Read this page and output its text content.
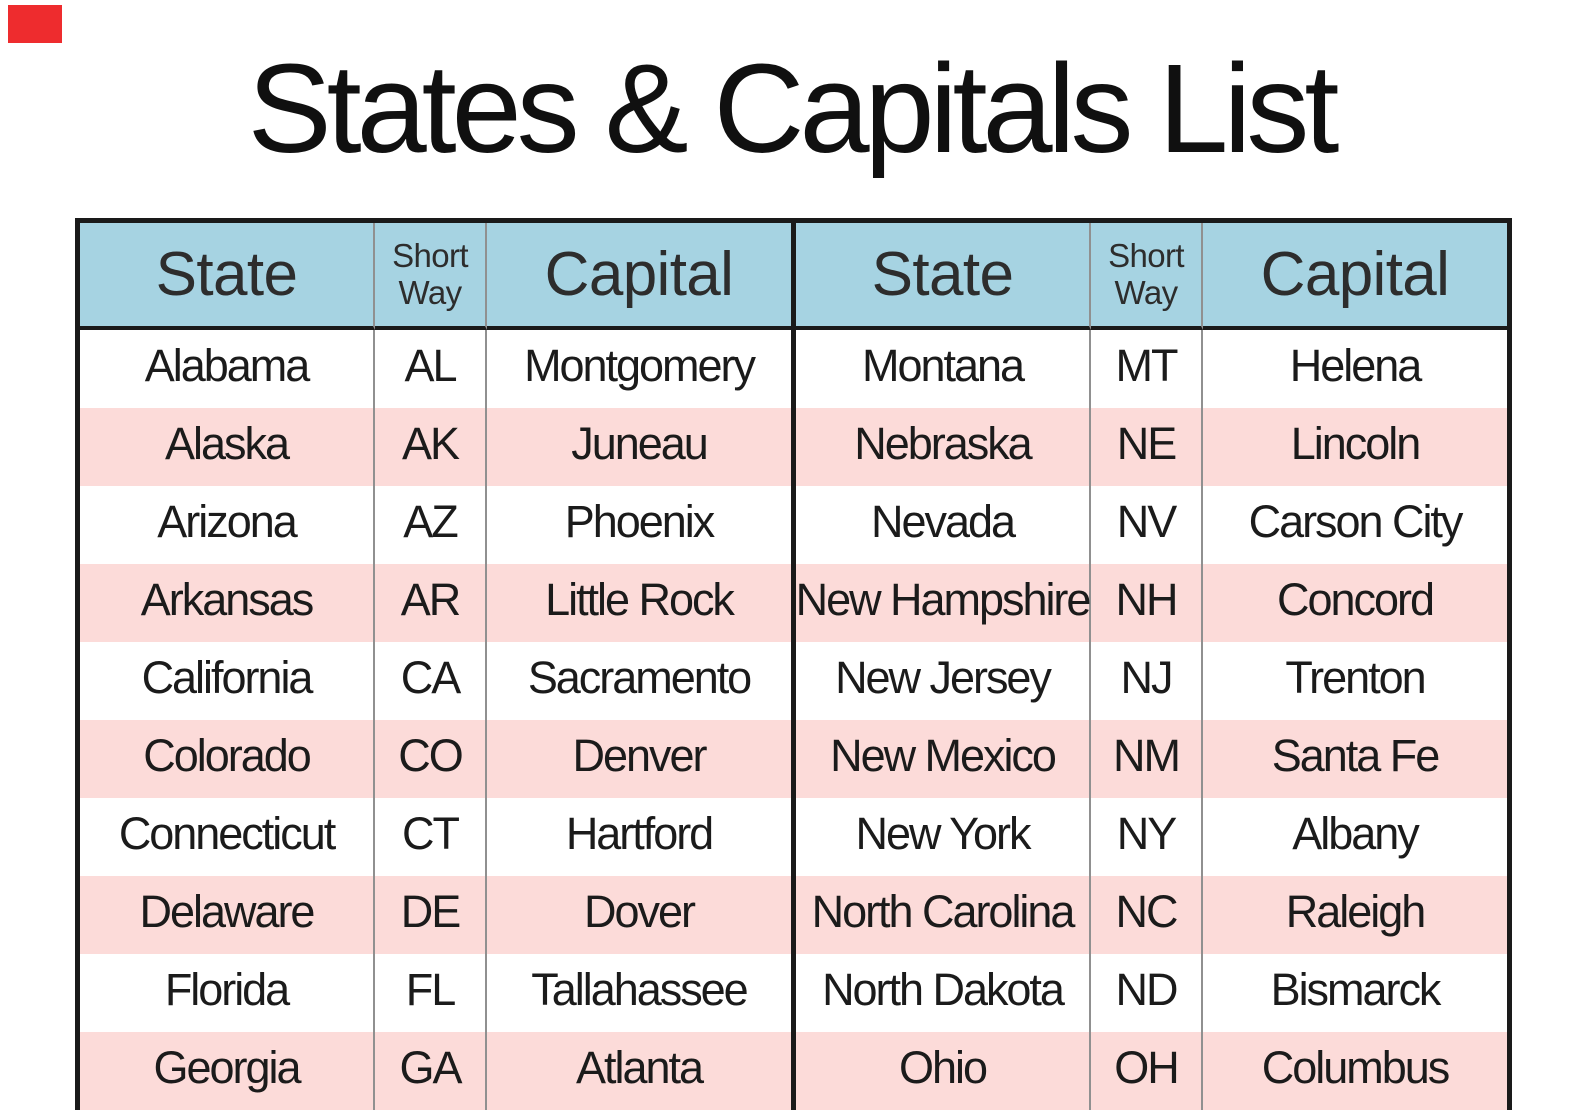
States & Capitals List
State	Short
Way	Capital
Alabama	AL	Montgomery
Alaska	AK	Juneau
Arizona	AZ	Phoenix
Arkansas	AR	Little Rock
California	CA	Sacramento
Colorado	CO	Denver
Connecticut	CT	Hartford
Delaware	DE	Dover
Florida	FL	Tallahassee
Georgia	GA	Atlanta
State	Short
Way	Capital
Montana	MT	Helena
Nebraska	NE	Lincoln
Nevada	NV	Carson City
New Hampshire NH	Concord
New Jersey	NJ	Trenton
New Mexico	NM	Santa Fe
New York	NY	Albany
North Carolina NC	Raleigh
North Dakota	ND	Bismarck
Ohio	OH	Columbus
